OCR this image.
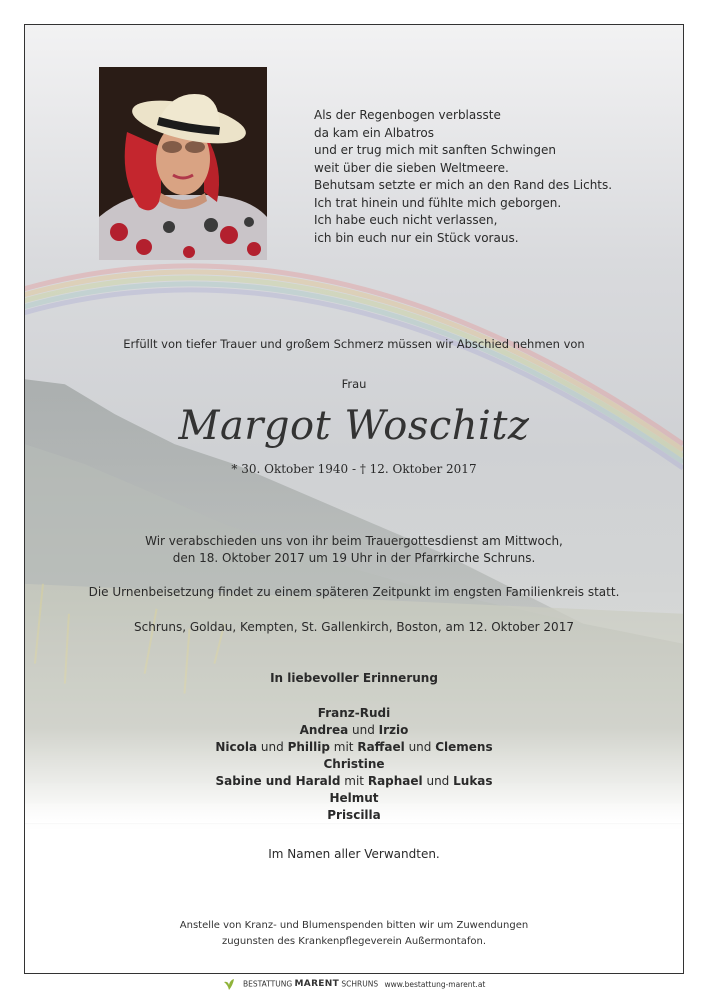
Als der Regenbogen verblasste
da kam ein Albatros
und er trug mich mit sanften Schwingen
weit über die sieben Weltmeere.
Behutsam setzte er mich an den Rand des Lichts.
Ich trat hinein und fühlte mich geborgen.
Ich habe euch nicht verlassen,
ich bin euch nur ein Stück voraus.
Erfüllt von tiefer Trauer und großem Schmerz müssen wir Abschied nehmen von
Frau
Margot Woschitz
* 30. Oktober 1940 - † 12. Oktober 2017
Wir verabschieden uns von ihr beim Trauergottesdienst am Mittwoch,
den 18. Oktober 2017 um 19 Uhr in der Pfarrkirche Schruns.
Die Urnenbeisetzung findet zu einem späteren Zeitpunkt im engsten Familienkreis statt.
Schruns, Goldau, Kempten, St. Gallenkirch, Boston, am 12. Oktober 2017
In liebevoller Erinnerung
Franz-Rudi
Andrea und Irzio
Nicola und Phillip mit Raffael und Clemens
Christine
Sabine und Harald mit Raphael und Lukas
Helmut
Priscilla
Im Namen aller Verwandten.
Anstelle von Kranz- und Blumenspenden bitten wir um Zuwendungen
zugunsten des Krankenpflegeverein Außermontafon.
BESTATTUNG MARENT SCHRUNS www.bestattung-marent.at
